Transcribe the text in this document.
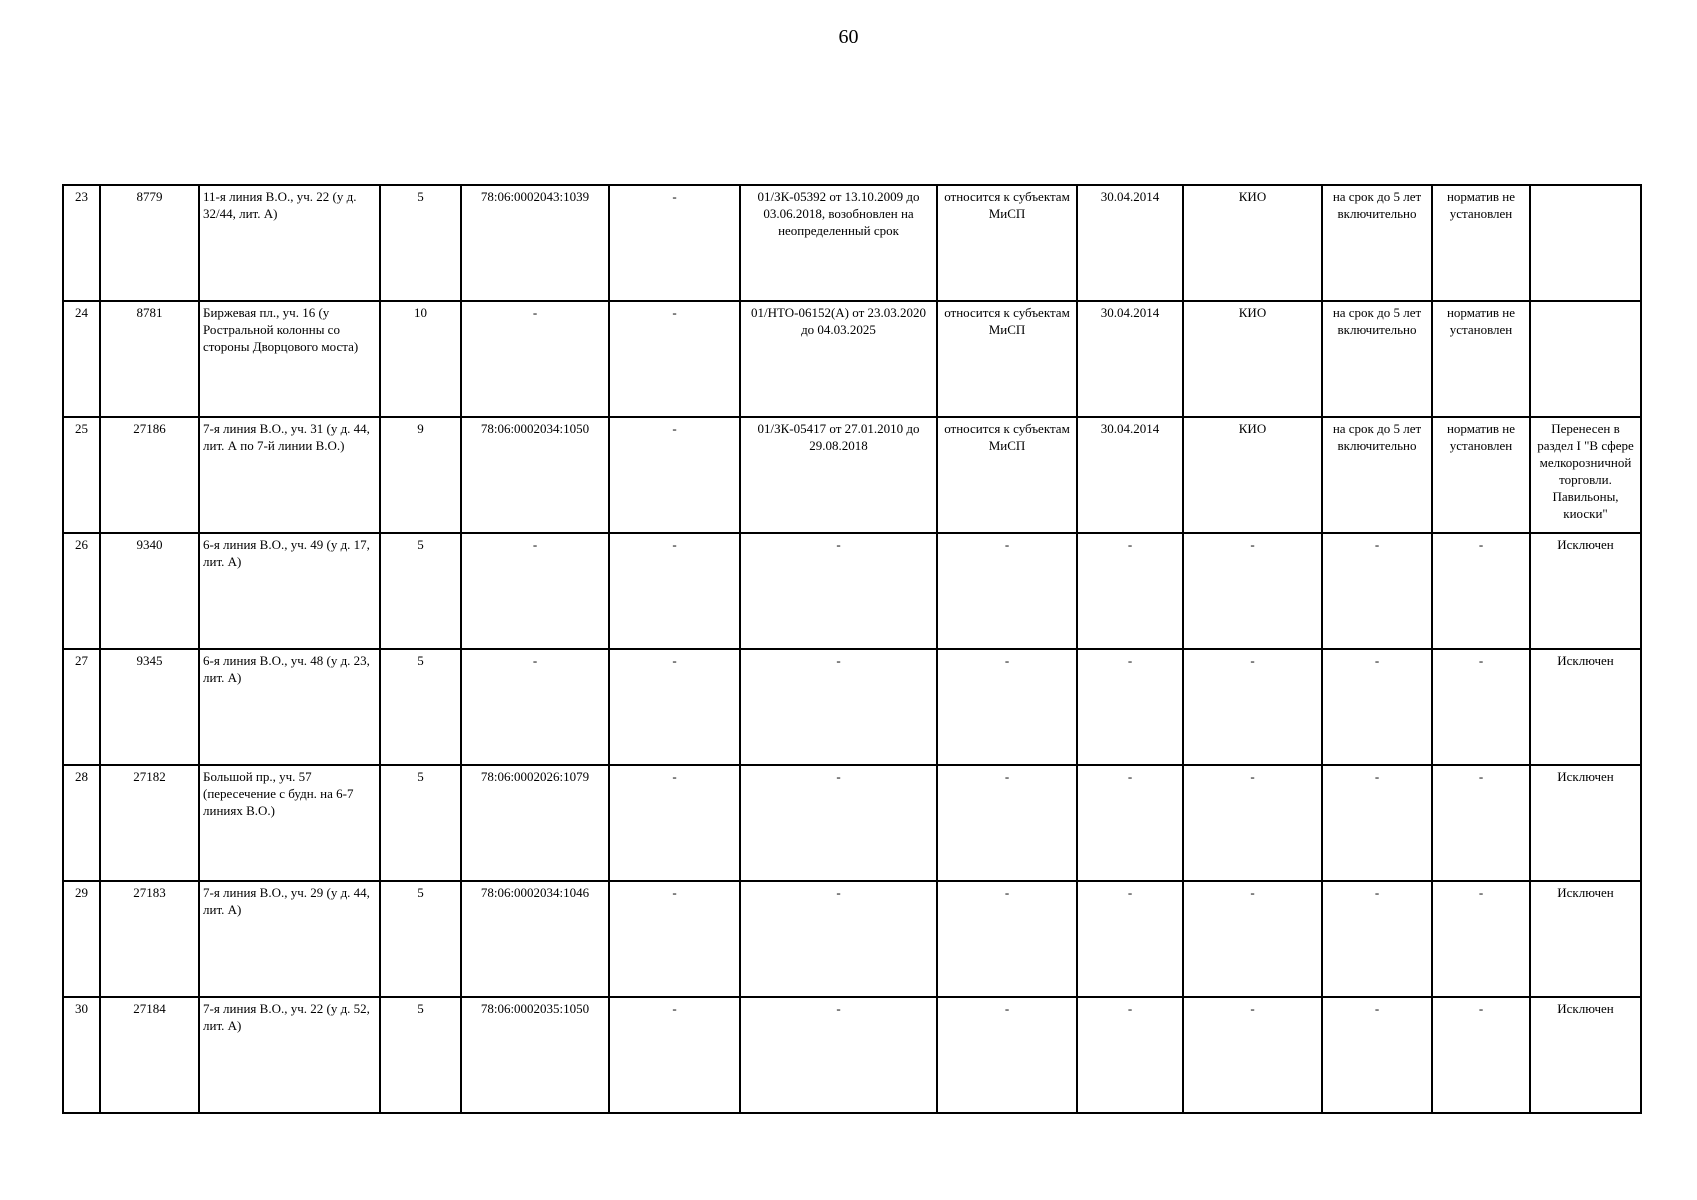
60
23	8779	11-я линия В.О., уч. 22 (у д. 32/44, лит. А)	5	78:06:0002043:1039	-	01/ЗК-05392 от 13.10.2009 до 03.06.2018, возобновлен на неопределенный срок	относится к субъектам МиСП	30.04.2014	КИО	на срок до 5 лет включительно	норматив не установлен	
24	8781	Биржевая пл., уч. 16 (у Ростральной колонны со стороны Дворцового моста)	10	-	-	01/НТО-06152(А) от 23.03.2020 до 04.03.2025	относится к субъектам МиСП	30.04.2014	КИО	на срок до 5 лет включительно	норматив не установлен	
25	27186	7-я линия В.О., уч. 31 (у д. 44, лит. А по 7-й линии В.О.)	9	78:06:0002034:1050	-	01/ЗК-05417 от 27.01.2010 до 29.08.2018	относится к субъектам МиСП	30.04.2014	КИО	на срок до 5 лет включительно	норматив не установлен	Перенесен в раздел I "В сфере мелкорозничной торговли. Павильоны, киоски"
26	9340	6-я линия В.О., уч. 49 (у д. 17, лит. А)	5	-	-	-	-	-	-	-	-	Исключен
27	9345	6-я линия В.О., уч. 48 (у д. 23, лит. А)	5	-	-	-	-	-	-	-	-	Исключен
28	27182	Большой пр., уч. 57 (пересечение с будн. на 6-7 линиях В.О.)	5	78:06:0002026:1079	-	-	-	-	-	-	-	Исключен
29	27183	7-я линия В.О., уч. 29 (у д. 44, лит. А)	5	78:06:0002034:1046	-	-	-	-	-	-	-	Исключен
30	27184	7-я линия В.О., уч. 22 (у д. 52, лит. А)	5	78:06:0002035:1050	-	-	-	-	-	-	-	Исключен
